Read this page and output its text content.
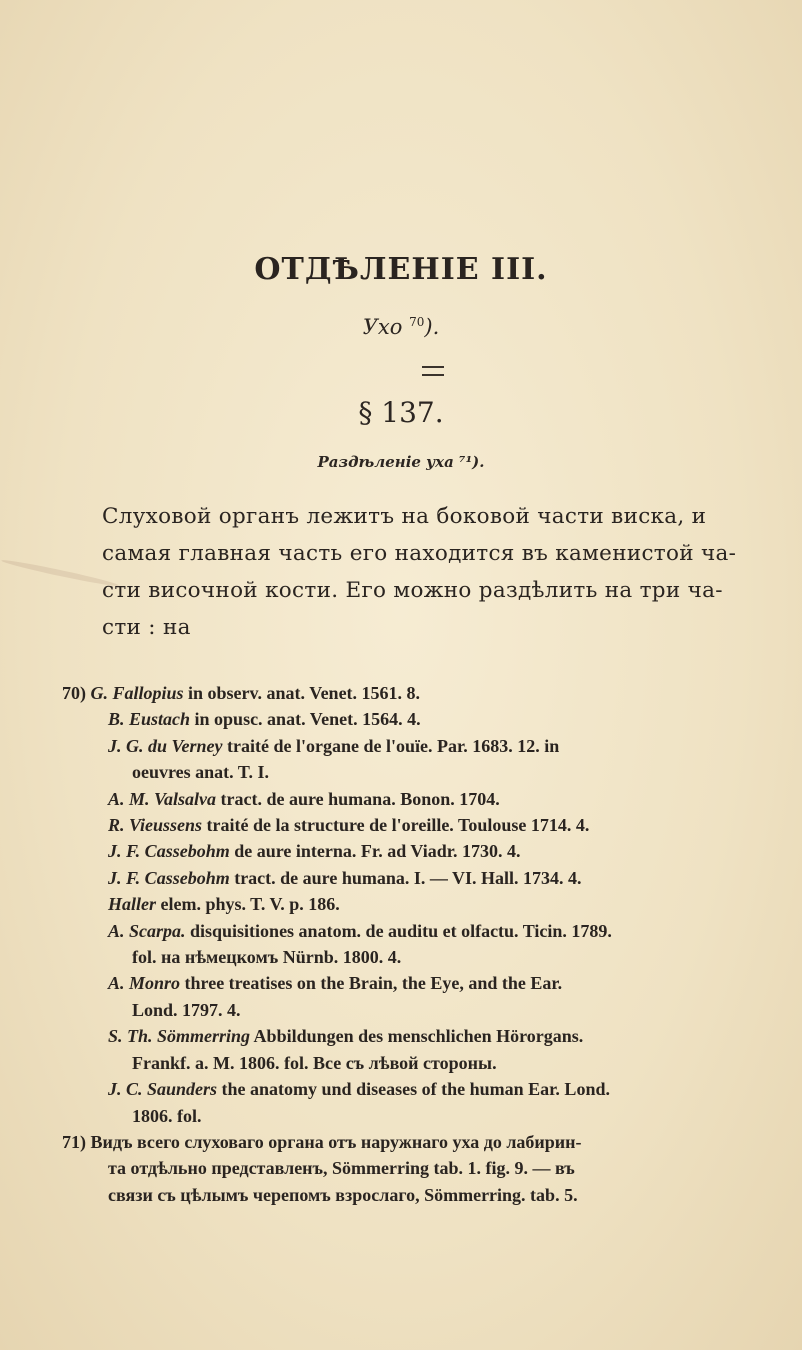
ОТДѢЛЕНІЕ III.
Ухо $^{70}$).
§ 137.
Раздѣленіе уха ⁷¹).
Слуховой органъ лежитъ на боковой части виска, и
самая главная часть его находится въ каменистой ча-
сти височной кости. Его можно раздѣлить на три ча-
сти : на
70) G. Fallopius in observ. anat. Venet. 1561. 8.
B. Eustach in opusc. anat. Venet. 1564. 4.
J. G. du Verney traité de l'organe de l'ouïe. Par. 1683. 12. in
oeuvres anat. T. I.
A. M. Valsalva tract. de aure humana. Bonon. 1704.
R. Vieussens traité de la structure de l'oreille. Toulouse 1714. 4.
J. F. Cassebohm de aure interna. Fr. ad Viadr. 1730. 4.
J. F. Cassebohm tract. de aure humana. I. — VI. Hall. 1734. 4.
Haller elem. phys. T. V. p. 186.
A. Scarpa. disquisitiones anatom. de auditu et olfactu. Ticin. 1789.
fol. на нѣмецкомъ Nürnb. 1800. 4.
A. Monro three treatises on the Brain, the Eye, and the Ear.
Lond. 1797. 4.
S. Th. Sömmerring Abbildungen des menschlichen Hörorgans.
Frankf. a. M. 1806. fol. Все съ лѣвой стороны.
J. C. Saunders the anatomy und diseases of the human Ear. Lond.
1806. fol.
71) Видъ всего слуховаго органа отъ наружнаго уха до лабирин-
та отдѣльно представленъ, Sömmerring tab. 1. fig. 9. — въ
связи съ цѣлымъ черепомъ взрослаго, Sömmerring. tab. 5.
